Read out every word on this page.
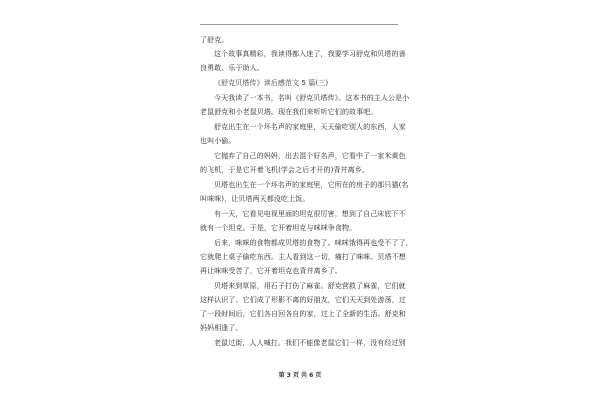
了舒克。
这个故事真精彩，我读得都入迷了，我要学习舒克和贝塔的善
良勇敢、乐于助人。
《舒克贝塔传》读后感范文 5 篇(三)
今天我读了一本书，名叫《舒克贝塔传》。这本书的主人公是小
老鼠舒克和小老鼠贝塔。现在我们来听听它们的故事吧。
舒克出生在一个坏名声的家庭里，天天偷吃别人的东西，人家
也叫小偷。
它抛弃了自己的妈妈，出去混个好名声，它看中了一家米黄色
的飞机，于是它开着飞机(学会之后才开的)背井离乡。
贝塔也出生在一个坏名声的家庭里，它所在的房子的那只猫(名
叫咪咪)，让贝塔两天都没吃上饭。
有一天，它看见电视里面的坦克很厉害，想到了自己床底下不
就有一个坦克。于是，它开着坦克与咪咪争食物。
后来，咪咪的食物都成贝塔的食物了。咪咪饿得再也受不了了，
它就爬上桌子偷吃东西。主人看到这一切，痛打了咪咪。贝塔不想
再让咪咪受苦了，它开着坦克也背井离乡了。
贝塔来到草原，用石子打伤了麻雀。舒克营救了麻雀，它们就
这样认识了。它们成了形影不离的好朋友，它们天天到处游荡，过
了一段时间后，它们各自回各自的家，过上了全新的生活。舒克和
妈妈相逢了。
老鼠过街，人人喊打。我们不能像老鼠它们一样，没有经过别
第 3 页 共 6 页
